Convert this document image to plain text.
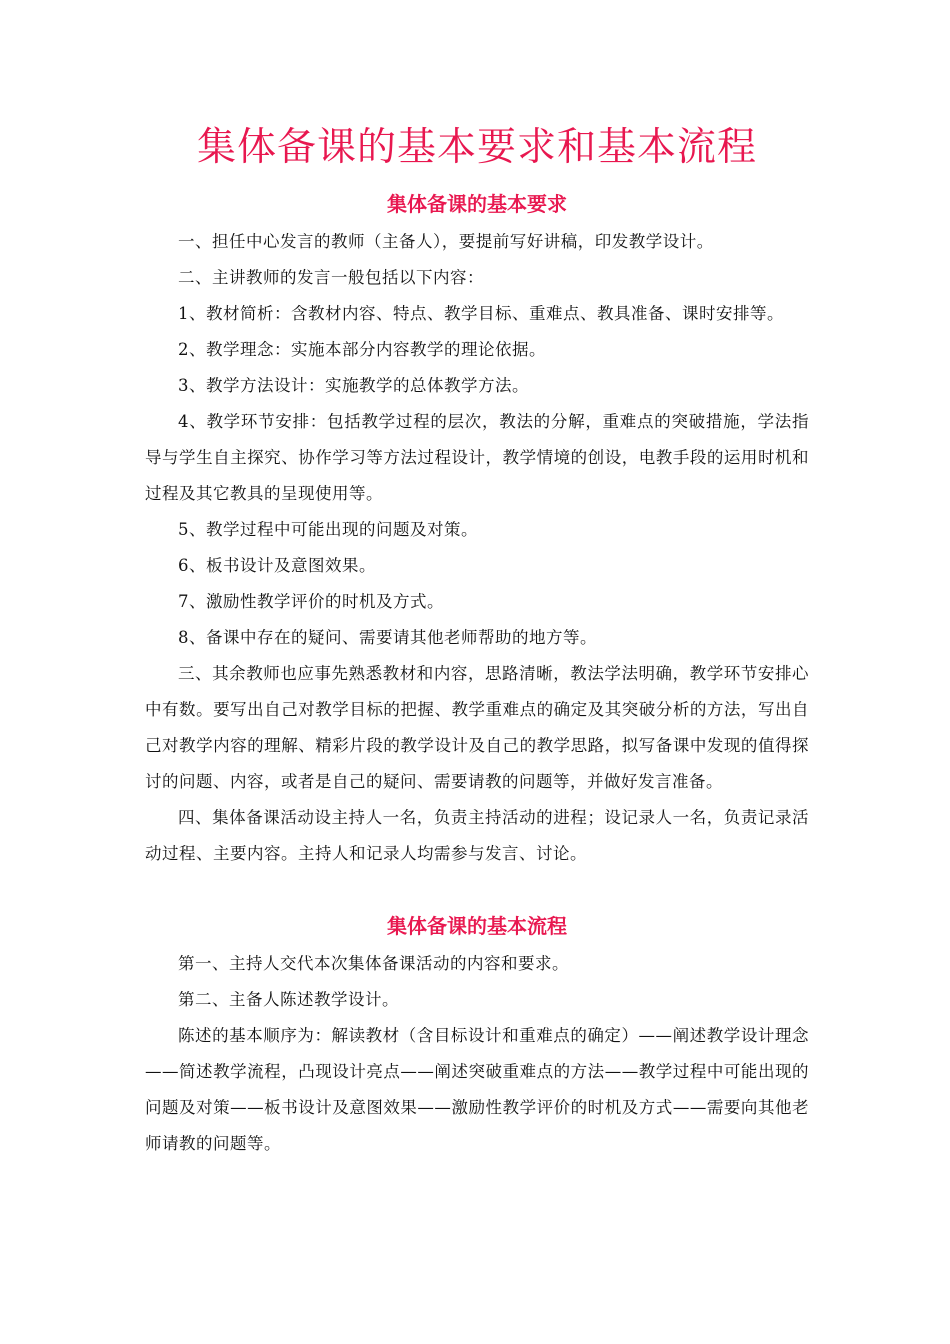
集体备课的基本要求和基本流程
集体备课的基本要求

一、担任中心发言的教师（主备人），要提前写好讲稿，印发教学设计。

二、主讲教师的发言一般包括以下内容：

1、教材简析：含教材内容、特点、教学目标、重难点、教具准备、课时安排等。

2、教学理念：实施本部分内容教学的理论依据。

3、教学方法设计：实施教学的总体教学方法。

4、教学环节安排：包括教学过程的层次，教法的分解，重难点的突破措施，学法指导与学生自主探究、协作学习等方法过程设计，教学情境的创设，电教手段的运用时机和过程及其它教具的呈现使用等。

5、教学过程中可能出现的问题及对策。

6、板书设计及意图效果。

7、激励性教学评价的时机及方式。

8、备课中存在的疑问、需要请其他老师帮助的地方等。

三、其余教师也应事先熟悉教材和内容，思路清晰，教法学法明确，教学环节安排心中有数。要写出自己对教学目标的把握、教学重难点的确定及其突破分析的方法，写出自己对教学内容的理解、精彩片段的教学设计及自己的教学思路，拟写备课中发现的值得探讨的问题、内容，或者是自己的疑问、需要请教的问题等，并做好发言准备。

四、集体备课活动设主持人一名，负责主持活动的进程；设记录人一名，负责记录活动过程、主要内容。主持人和记录人均需参与发言、讨论。

集体备课的基本流程

第一、主持人交代本次集体备课活动的内容和要求。

第二、主备人陈述教学设计。

陈述的基本顺序为：解读教材（含目标设计和重难点的确定）——阐述教学设计理念——简述教学流程，凸现设计亮点——阐述突破重难点的方法——教学过程中可能出现的问题及对策——板书设计及意图效果——激励性教学评价的时机及方式——需要向其他老师请教的问题等。
